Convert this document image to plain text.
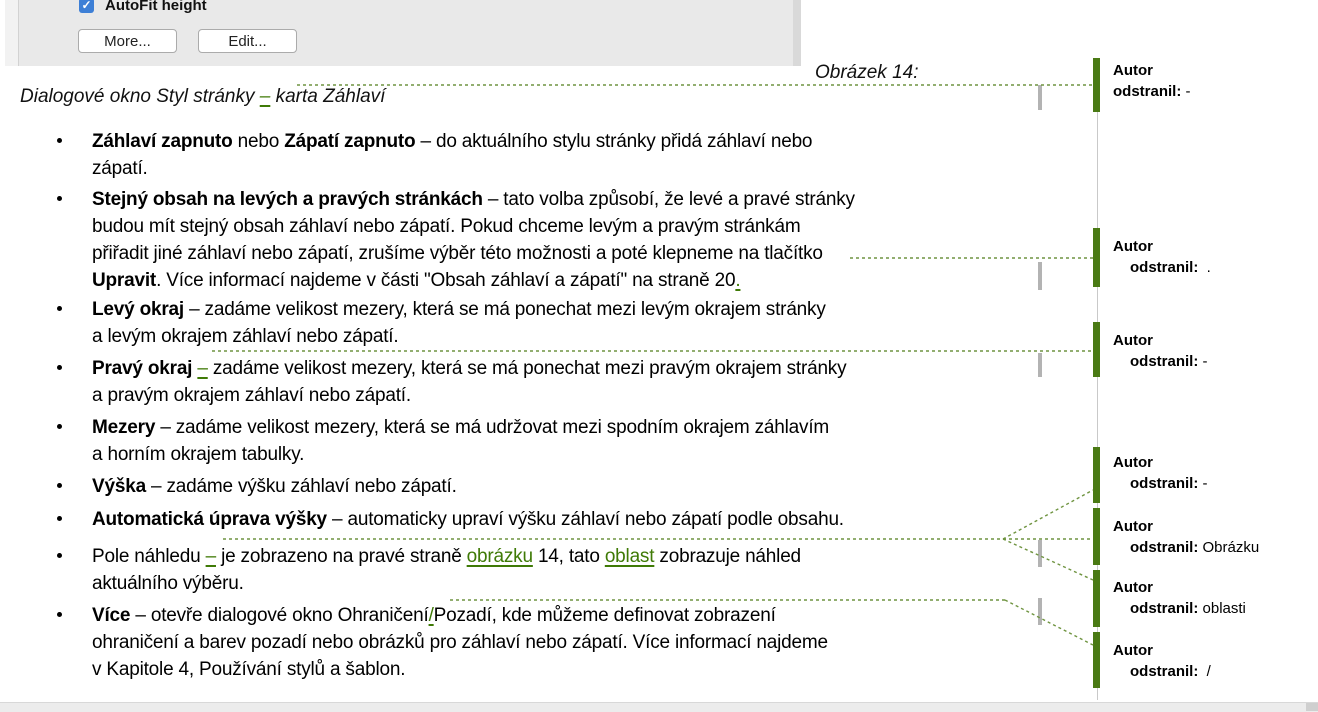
✓ AutoFit height
More...	Edit...
Obrázek 14:
Dialogové okno Styl stránky – karta Záhlaví
Záhlaví zapnuto nebo Zápatí zapnuto – do aktuálního stylu stránky přidá záhlaví nebo
zápatí.
Stejný obsah na levých a pravých stránkách – tato volba způsobí, že levé a pravé stránky
budou mít stejný obsah záhlaví nebo zápatí. Pokud chceme levým a pravým stránkám
přiřadit jiné záhlaví nebo zápatí, zrušíme výběr této možnosti a poté klepneme na tlačítko
Upravit. Více informací najdeme v části "Obsah záhlaví a zápatí" na straně 20.
Levý okraj – zadáme velikost mezery, která se má ponechat mezi levým okrajem stránky
a levým okrajem záhlaví nebo zápatí.
Pravý okraj – zadáme velikost mezery, která se má ponechat mezi pravým okrajem stránky
a pravým okrajem záhlaví nebo zápatí.
Mezery – zadáme velikost mezery, která se má udržovat mezi spodním okrajem záhlavím
a horním okrajem tabulky.
Výška – zadáme výšku záhlaví nebo zápatí.
Automatická úprava výšky – automaticky upraví výšku záhlaví nebo zápatí podle obsahu.
Pole náhledu – je zobrazeno na pravé straně obrázku 14, tato oblast zobrazuje náhled
aktuálního výběru.
Více – otevře dialogové okno Ohraničení/Pozadí, kde můžeme definovat zobrazení
ohraničení a barev pozadí nebo obrázků pro záhlaví nebo zápatí. Více informací najdeme
v Kapitole 4, Používání stylů a šablon.
Autor
odstranil: -
Autor
odstranil:  .
Autor
odstranil: -
Autor
odstranil: -
Autor
odstranil: Obrázku
Autor
odstranil: oblasti
Autor
odstranil:  /
